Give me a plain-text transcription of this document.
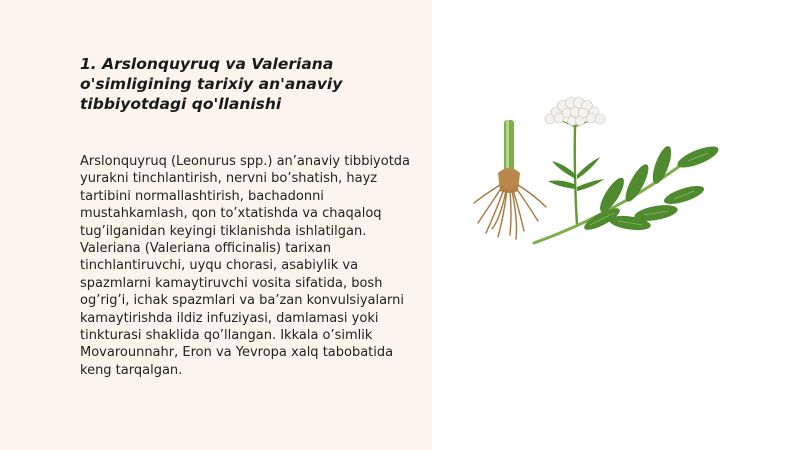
1. Arslonquyruq va Valeriana o'simligining tarixiy an'anaviy tibbiyotdagi qo'llanishi

Arslonquyruq (Leonurus spp.) an’anaviy tibbiyotda yurakni tinchlantirish, nervni bo’shatish, hayz tartibini normallashtirish, bachadonni mustahkamlash, qon to’xtatishda va chaqaloq tug’ilganidan keyingi tiklanishda ishlatilgan. Valeriana (Valeriana officinalis) tarixan tinchlantiruvchi, uyqu chorasi, asabiylik va spazmlarni kamaytiruvchi vosita sifatida, bosh og’rig’i, ichak spazmlari va ba’zan konvulsiyalarni kamaytirishda ildiz infuziyasi, damlamasi yoki tinkturasi shaklida qo’llangan. Ikkala o’simlik Movarounnahr, Eron va Yevropa xalq tabobatida keng tarqalgan.
